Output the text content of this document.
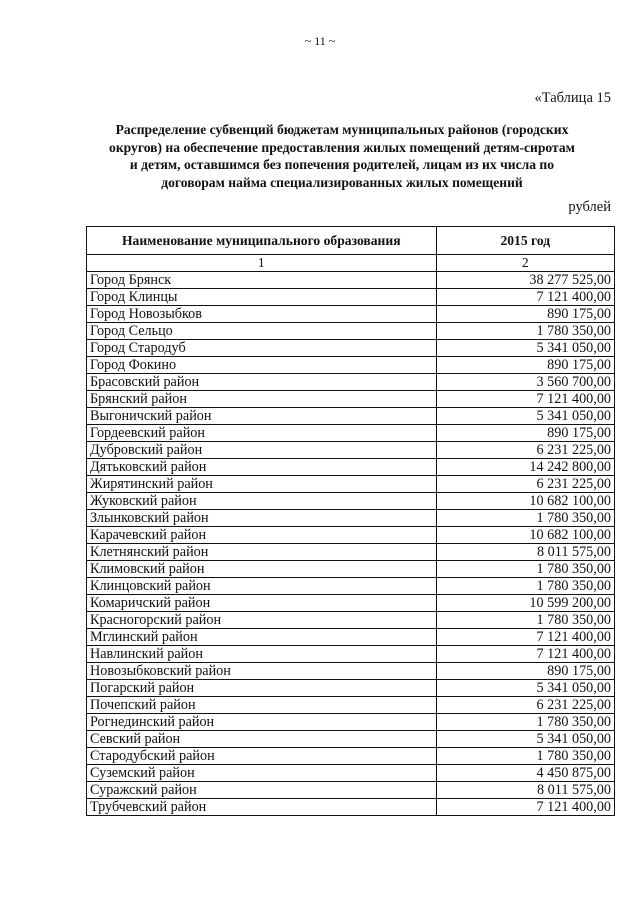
~ 11 ~
«Таблица 15
Распределение субвенций бюджетам муниципальных районов (городских
округов) на обеспечение предоставления жилых помещений детям-сиротам
и детям, оставшимся без попечения родителей, лицам из их числа по
договорам найма специализированных жилых помещений
рублей
Наименование муниципального образования	2015 год
1	2
Город Брянск	38 277 525,00
Город Клинцы	7 121 400,00
Город Новозыбков	890 175,00
Город Сельцо	1 780 350,00
Город Стародуб	5 341 050,00
Город Фокино	890 175,00
Брасовский район	3 560 700,00
Брянский район	7 121 400,00
Выгоничский район	5 341 050,00
Гордеевский район	890 175,00
Дубровский район	6 231 225,00
Дятьковский район	14 242 800,00
Жирятинский район	6 231 225,00
Жуковский район	10 682 100,00
Злынковский район	1 780 350,00
Карачевский район	10 682 100,00
Клетнянский район	8 011 575,00
Климовский район	1 780 350,00
Клинцовский район	1 780 350,00
Комаричский район	10 599 200,00
Красногорский район	1 780 350,00
Мглинский район	7 121 400,00
Навлинский район	7 121 400,00
Новозыбковский район	890 175,00
Погарский район	5 341 050,00
Почепский район	6 231 225,00
Рогнединский район	1 780 350,00
Севский район	5 341 050,00
Стародубский район	1 780 350,00
Суземский район	4 450 875,00
Суражский район	8 011 575,00
Трубчевский район	7 121 400,00
